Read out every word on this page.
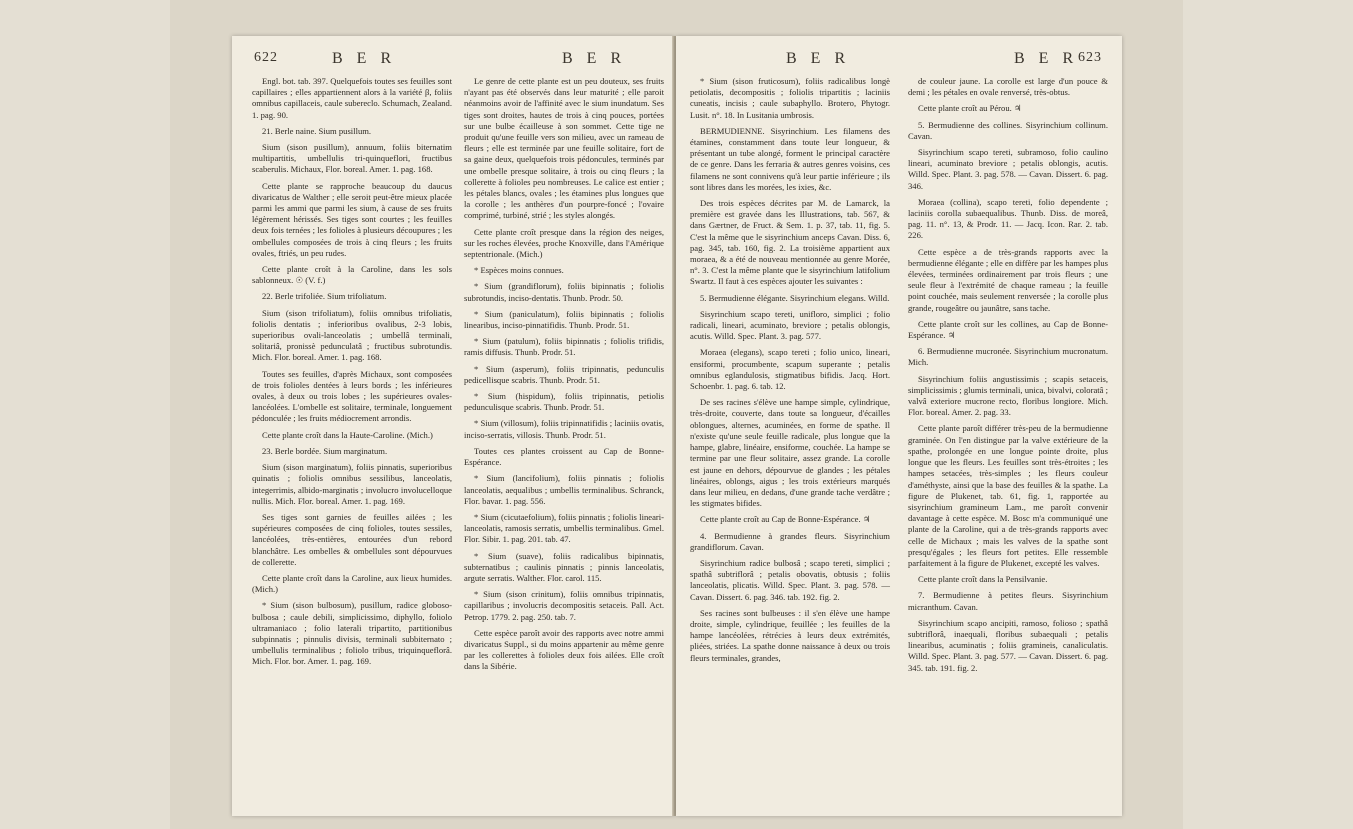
622	B E R	B E R

Engl. bot. tab. 397. Quelquefois toutes ses feuilles sont capillaires ; elles appartiennent alors à la variété β, foliis omnibus capillaceis, caule subereclo. Schumach, Zealand. 1. pag. 90.

21. Berle naine. Sium pusillum.

Sium (sison pusillum), annuum, foliis biternatim multipartitis, umbellulis tri-quinqueflori, fructibus scaberulis. Michaux, Flor. boreal. Amer. 1. pag. 168.

Cette plante se rapproche beaucoup du daucus divaricatus de Walther ; elle seroit peut-être mieux placée parmi les ammi que parmi les sium, à cause de ses fruits légèrement hérissés. Ses tiges sont courtes ; les feuilles deux fois ternées ; les folioles à plusieurs découpures ; les ombellules composées de trois à cinq fleurs ; les fruits ovales, ftriés, un peu rudes.

Cette plante croît à la Caroline, dans les sols sablonneux. ☉ (V. f.)

22. Berle trifoliée. Sium trifoliatum.

Sium (sison trifoliatum), foliis omnibus trifoliatis, foliolis dentatis ; inferioribus ovalibus, 2-3 lobis, superioribus ovali-lanceolatis ; umbellâ terminali, solitariâ, pronissè pedunculatâ ; fructibus subrotundis. Mich. Flor. boreal. Amer. 1. pag. 168.

Toutes ses feuilles, d'après Michaux, sont composées de trois folioles dentées à leurs bords ; les inférieures ovales, à deux ou trois lobes ; les supérieures ovales-lancéolées. L'ombelle est solitaire, terminale, longuement pédonculée ; les fruits médiocrement arrondis.

Cette plante croît dans la Haute-Caroline. (Mich.)

23. Berle bordée. Sium marginatum.

Sium (sison marginatum), foliis pinnatis, superioribus quinatis ; foliolis omnibus sessilibus, lanceolatis, integerrimis, albido-marginatis ; involucro involucelloque nullis. Mich. Flor. boreal. Amer. 1. pag. 169.

Ses tiges sont garnies de feuilles ailées ; les supérieures composées de cinq folioles, toutes sessiles, lancéolées, très-entières, entourées d'un rebord blanchâtre. Les ombelles & ombellules sont dépourvues de collerette.

Cette plante croît dans la Caroline, aux lieux humides. (Mich.)

* Sium (sison bulbosum), pusillum, radice globoso-bulbosa ; caule debili, simplicissimo, diphyllo, foliolo ultramaniaco ; folio laterali tripartito, partitionibus subpinnatis ; pinnulis divisis, terminali subbiternato ; umbellulis terminalibus ; foliolo tribus, triquinqueflorâ. Mich. Flor. bor. Amer. 1. pag. 169.

Le genre de cette plante est un peu douteux, ses fruits n'ayant pas été observés dans leur maturité ; elle paroit néanmoins avoir de l'affinité avec le sium inundatum. Ses tiges sont droites, hautes de trois à cinq pouces, portées sur une bulbe écailleuse à son sommet. Cette tige ne produit qu'une feuille vers son milieu, avec un rameau de fleurs ; elle est terminée par une feuille solitaire, fort de sa gaine deux, quelquefois trois pédoncules, terminés par une ombelle presque solitaire, à trois ou cinq fleurs ; la collerette à folioles peu nombreuses. Le calice est entier ; les pétales blancs, ovales ; les étamines plus longues que la corolle ; les anthères d'un pourpre-foncé ; l'ovaire comprimé, turbiné, strié ; les styles alongés.

Cette plante croît presque dans la région des neiges, sur les roches élevées, proche Knoxville, dans l'Amérique septentrionale. (Mich.)

* Espèces moins connues.

* Sium (grandiflorum), foliis bipinnatis ; foliolis subrotundis, inciso-dentatis. Thunb. Prodr. 50.

* Sium (paniculatum), foliis bipinnatis ; foliolis linearibus, inciso-pinnatifidis. Thunb. Prodr. 51.

* Sium (patulum), foliis bipinnatis ; foliolis trifidis, ramis diffusis. Thunb. Prodr. 51.

* Sium (asperum), foliis tripinnatis, pedunculis pedicellisque scabris. Thunb. Prodr. 51.

* Sium (hispidum), foliis tripinnatis, petiolis pedunculisque scabris. Thunb. Prodr. 51.

* Sium (villosum), foliis tripinnatifidis ; laciniis ovatis, inciso-serratis, villosis. Thunb. Prodr. 51.

Toutes ces plantes croissent au Cap de Bonne-Espérance.

* Sium (lancifolium), foliis pinnatis ; foliolis lanceolatis, aequalibus ; umbellis terminalibus. Schranck, Flor. bavar. 1. pag. 556.

* Sium (cicutaefolium), foliis pinnatis ; foliolis lineari-lanceolatis, ramosis serratis, umbellis terminalibus. Gmel. Flor. Sibir. 1. pag. 201. tab. 47.

* Sium (suave), foliis radicalibus bipinnatis, subternatibus ; caulinis pinnatis ; pinnis lanceolatis, argute serratis. Walther. Flor. carol. 115.

* Sium (sison crinitum), foliis omnibus tripinnatis, capillaribus ; involucris decompositis setaceis. Pall. Act. Petrop. 1779. 2. pag. 250. tab. 7.

Cette espèce paroît avoir des rapports avec notre ammi divaricatus Suppl., si du moins appartenir au même genre par les collerettes à folioles deux fois ailées. Elle croît dans la Sibérie.

B E R	B E R 623

* Sium (sison fruticosum), foliis radicalibus longè petiolatis, decompositis ; foliolis tripartitis ; laciniis cuneatis, incisis ; caule subaphyllo. Brotero, Phytogr. Lusit. n°. 18. In Lusitania umbrosis.

BERMUDIENNE. Sisyrinchium. Les filamens des étamines, constamment dans toute leur longueur, & présentant un tube alongé, forment le principal caractère de ce genre. Dans les ferraria & autres genres voisins, ces filamens ne sont connivens qu'à leur partie inférieure ; ils sont libres dans les morées, les ixies, &c.

Des trois espèces décrites par M. de Lamarck, la première est gravée dans les Illustrations, tab. 567, & dans Gærtner, de Fruct. & Sem. 1. p. 37, tab. 11, fig. 5. C'est la même que le sisyrinchium anceps Cavan. Diss. 6, pag. 345, tab. 160, fig. 2. La troisième appartient aux moraea, & a été de nouveau mentionnée au genre Morée, n°. 3. C'est la même plante que le sisyrinchium latifolium Swartz. Il faut à ces espèces ajouter les suivantes :

5. Bermudienne élégante. Sisyrinchium elegans. Willd.

Sisyrinchium scapo tereti, unifloro, simplici ; folio radicali, lineari, acuminato, breviore ; petalis oblongis, acutis. Willd. Spec. Plant. 3. pag. 577.

Moraea (elegans), scapo tereti ; folio unico, lineari, ensiformi, procumbente, scapum superante ; petalis omnibus eglandulosis, stigmatibus bifidis. Jacq. Hort. Schoenbr. 1. pag. 6. tab. 12.

De ses racines s'élève une hampe simple, cylindrique, très-droite, couverte, dans toute sa longueur, d'écailles oblongues, alternes, acuminées, en forme de spathe. Il n'existe qu'une seule feuille radicale, plus longue que la hampe, glabre, linéaire, ensiforme, couchée. La hampe se termine par une fleur solitaire, assez grande. La corolle est jaune en dehors, dépourvue de glandes ; les pétales linéaires, oblongs, aigus ; les trois extérieurs marqués dans leur milieu, en dedans, d'une grande tache verdâtre ; les stigmates bifides.

Cette plante croît au Cap de Bonne-Espérance. ♃

4. Bermudienne à grandes fleurs. Sisyrinchium grandiflorum. Cavan.

Sisyrinchium radice bulbosâ ; scapo tereti, simplici ; spathâ subtriflorâ ; petalis obovatis, obtusis ; foliis lanceolatis, plicatis. Willd. Spec. Plant. 3. pag. 578. — Cavan. Dissert. 6. pag. 346. tab. 192. fig. 2.

Ses racines sont bulbeuses : il s'en élève une hampe droite, simple, cylindrique, feuillée ; les feuilles de la hampe lancéolées, rétrécies à leurs deux extrémités, pliées, striées. La spathe donne naissance à deux ou trois fleurs terminales, grandes,

de couleur jaune. La corolle est large d'un pouce & demi ; les pétales en ovale renversé, très-obtus.

Cette plante croît au Pérou. ♃

5. Bermudienne des collines. Sisyrinchium collinum. Cavan.

Sisyrinchium scapo tereti, subramoso, folio caulino lineari, acuminato breviore ; petalis oblongis, acutis. Willd. Spec. Plant. 3. pag. 578. — Cavan. Dissert. 6. pag. 346.

Moraea (collina), scapo tereti, folio dependente ; laciniis corolla subaequalibus. Thunb. Diss. de moreâ, pag. 11. n°. 13, & Prodr. 11. — Jacq. Icon. Rar. 2. tab. 226.

Cette espèce a de très-grands rapports avec la bermudienne élégante ; elle en diffère par les hampes plus élevées, terminées ordinairement par trois fleurs ; une seule fleur à l'extrémité de chaque rameau ; la feuille point couchée, mais seulement renversée ; la corolle plus grande, rougeâtre ou jaunâtre, sans tache.

Cette plante croît sur les collines, au Cap de Bonne-Espérance. ♃

6. Bermudienne mucronée. Sisyrinchium mucronatum. Mich.

Sisyrinchium foliis angustissimis ; scapis setaceis, simplicissimis ; glumis terminali, unica, bivalvi, coloratâ ; valvâ exteriore mucrone recto, floribus longiore. Mich. Flor. boreal. Amer. 2. pag. 33.

Cette plante paroît différer très-peu de la bermudienne graminée. On l'en distingue par la valve extérieure de la spathe, prolongée en une longue pointe droite, plus longue que les fleurs. Les feuilles sont très-étroites ; les hampes setacées, très-simples ; les fleurs couleur d'améthyste, ainsi que la base des feuilles & la spathe. La figure de Plukenet, tab. 61, fig. 1, rapportée au sisyrinchium gramineum Lam., me paroît convenir davantage à cette espèce. M. Bosc m'a communiqué une plante de la Caroline, qui a de très-grands rapports avec celle de Michaux ; mais les valves de la spathe sont presqu'égales ; les fleurs fort petites. Elle ressemble parfaitement à la figure de Plukenet, excepté les valves.

Cette plante croît dans la Pensilvanie.

7. Bermudienne à petites fleurs. Sisyrinchium micranthum. Cavan.

Sisyrinchium scapo ancipiti, ramoso, folioso ; spathâ subtriflorâ, inaequali, floribus subaequali ; petalis linearibus, acuminatis ; foliis gramineis, canaliculatis. Willd. Spec. Plant. 3. pag. 577. — Cavan. Dissert. 6. pag. 345. tab. 191. fig. 2.
